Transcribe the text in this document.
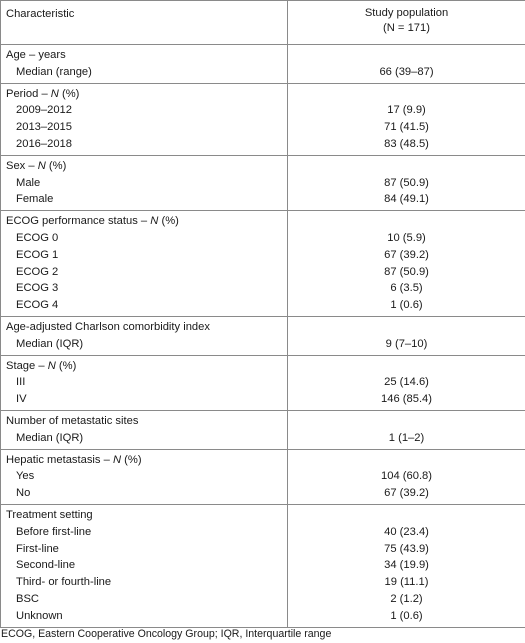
Characteristic	Study population
(N = 171)

Age – years	
Median (range)	66 (39–87)
Period – N (%)	
2009–2012	17 (9.9)
2013–2015	71 (41.5)
2016–2018	83 (48.5)
Sex – N (%)	
Male	87 (50.9)
Female	84 (49.1)
ECOG performance status – N (%)	
ECOG 0	10 (5.9)
ECOG 1	67 (39.2)
ECOG 2	87 (50.9)
ECOG 3	6 (3.5)
ECOG 4	1 (0.6)
Age-adjusted Charlson comorbidity index	
Median (IQR)	9 (7–10)
Stage – N (%)	
III	25 (14.6)
IV	146 (85.4)
Number of metastatic sites	
Median (IQR)	1 (1–2)
Hepatic metastasis – N (%)	
Yes	104 (60.8)
No	67 (39.2)
Treatment setting	
Before first-line	40 (23.4)
First-line	75 (43.9)
Second-line	34 (19.9)
Third- or fourth-line	19 (11.1)
BSC	2 (1.2)
Unknown	1 (0.6)
ECOG, Eastern Cooperative Oncology Group; IQR, Interquartile range
